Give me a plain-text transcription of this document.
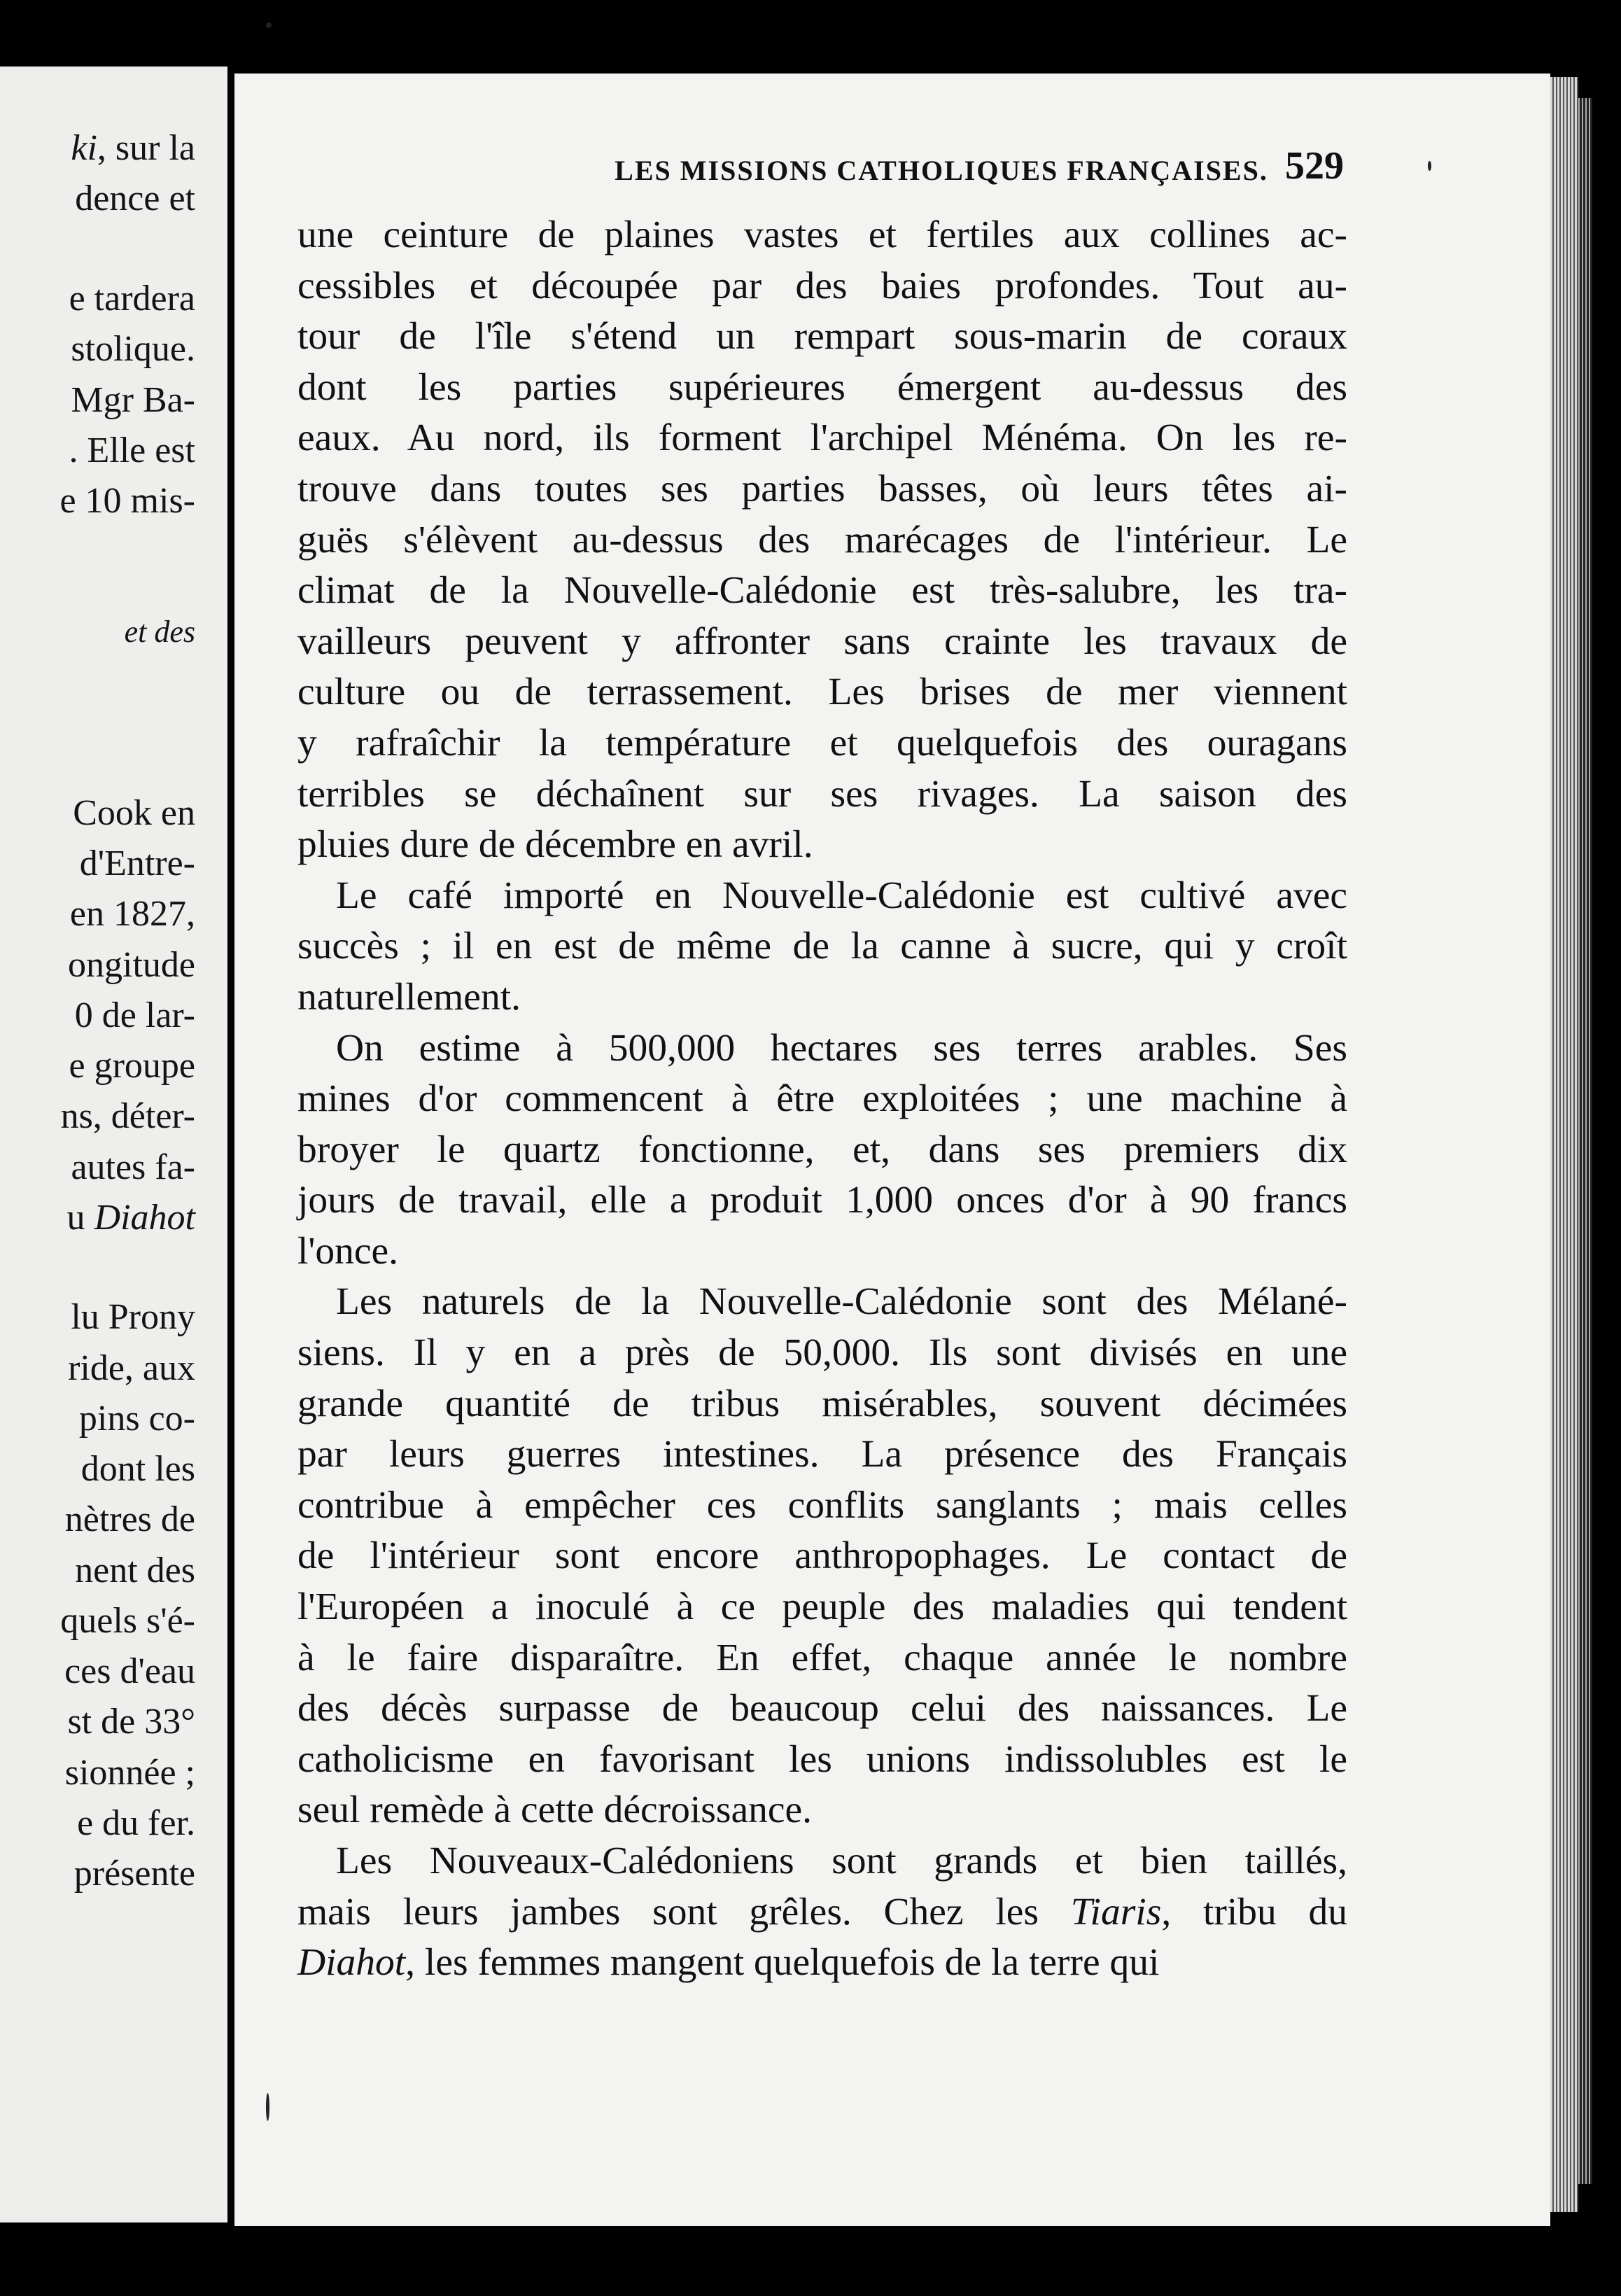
ki, sur la
dence et
e tardera
stolique.
Mgr Ba-
. Elle est
e 10 mis-
et des
Cook en
d'Entre-
en 1827,
ongitude
0 de lar-
e groupe
ns, déter-
autes fa-
u Diahot
lu Prony
ride, aux
pins co-
dont les
nètres de
nent des
quels s'é-
ces d'eau
st de 33°
sionnée ;
e du fer.
présente
LES MISSIONS CATHOLIQUES FRANÇAISES. 529
une ceinture de plaines vastes et fertiles aux collines ac-
cessibles et découpée par des baies profondes. Tout au-
tour de l'île s'étend un rempart sous-marin de coraux
dont les parties supérieures émergent au-dessus des
eaux. Au nord, ils forment l'archipel Ménéma. On les re-
trouve dans toutes ses parties basses, où leurs têtes ai-
guës s'élèvent au-dessus des marécages de l'intérieur. Le
climat de la Nouvelle-Calédonie est très-salubre, les tra-
vailleurs peuvent y affronter sans crainte les travaux de
culture ou de terrassement. Les brises de mer viennent
y rafraîchir la température et quelquefois des ouragans
terribles se déchaînent sur ses rivages. La saison des
pluies dure de décembre en avril.
Le café importé en Nouvelle-Calédonie est cultivé avec
succès ; il en est de même de la canne à sucre, qui y croît
naturellement.
On estime à 500,000 hectares ses terres arables. Ses
mines d'or commencent à être exploitées ; une machine à
broyer le quartz fonctionne, et, dans ses premiers dix
jours de travail, elle a produit 1,000 onces d'or à 90 francs
l'once.
Les naturels de la Nouvelle-Calédonie sont des Mélané-
siens. Il y en a près de 50,000. Ils sont divisés en une
grande quantité de tribus misérables, souvent décimées
par leurs guerres intestines. La présence des Français
contribue à empêcher ces conflits sanglants ; mais celles
de l'intérieur sont encore anthropophages. Le contact de
l'Européen a inoculé à ce peuple des maladies qui tendent
à le faire disparaître. En effet, chaque année le nombre
des décès surpasse de beaucoup celui des naissances. Le
catholicisme en favorisant les unions indissolubles est le
seul remède à cette décroissance.
Les Nouveaux-Calédoniens sont grands et bien taillés,
mais leurs jambes sont grêles. Chez les Tiaris, tribu du
Diahot, les femmes mangent quelquefois de la terre qui
